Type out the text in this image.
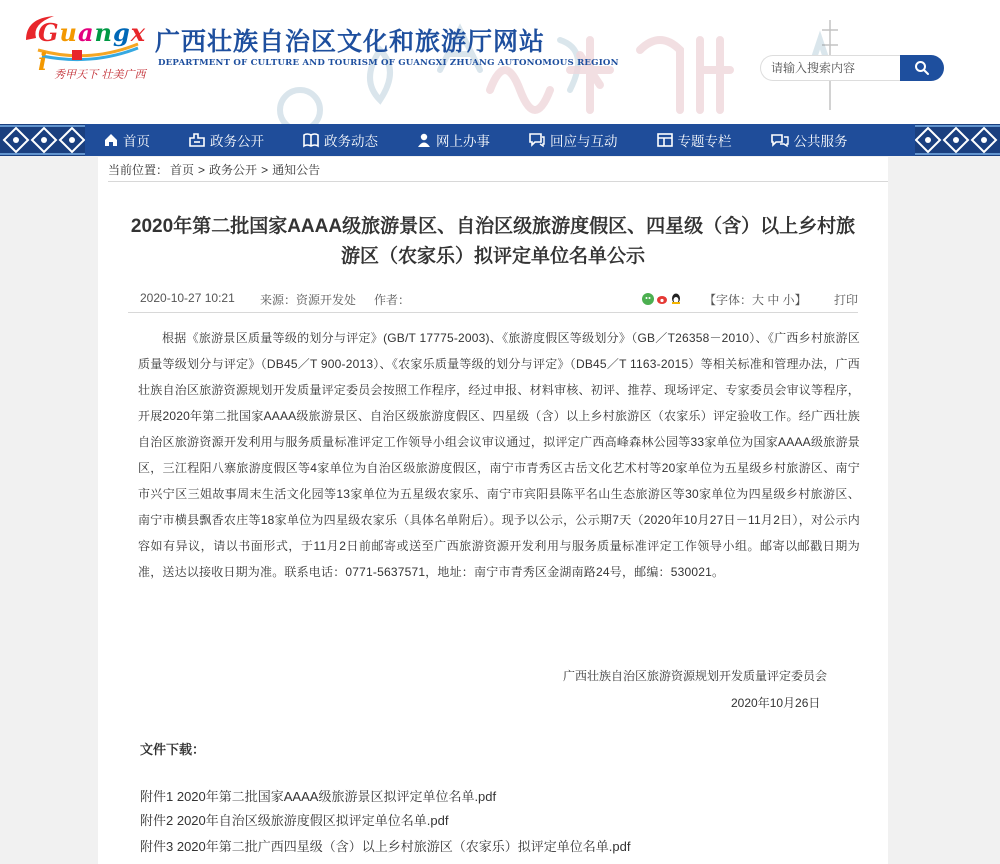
Guangxi 秀甲天下 壮美广西
广西壮族自治区文化和旅游厅网站
DEPARTMENT OF CULTURE AND TOURISM OF GUANGXI ZHUANG AUTONOMOUS REGION
请输入搜索内容
首页	政务公开	政务动态	网上办事	回应与互动	专题专栏	公共服务
当前位置： 首页 > 政务公开 > 通知公告
2020年第二批国家AAAA级旅游景区、自治区级旅游度假区、四星级（含）以上乡村旅游区（农家乐）拟评定单位名单公示
2020-10-27 10:21 来源：资源开发处 作者：	【字体：大 中 小】 打印
根据《旅游景区质量等级的划分与评定》(GB/T 17775-2003)、《旅游度假区等级划分》（GB／T26358－2010）、《广西乡村旅游区质量等级划分与评定》（DB45／T 900-2013）、《农家乐质量等级的划分与评定》（DB45／T 1163-2015）等相关标准和管理办法，广西壮族自治区旅游资源规划开发质量评定委员会按照工作程序，经过申报、材料审核、初评、推荐、现场评定、专家委员会审议等程序，开展2020年第二批国家AAAA级旅游景区、自治区级旅游度假区、四星级（含）以上乡村旅游区（农家乐）评定验收工作。经广西壮族自治区旅游资源开发利用与服务质量标准评定工作领导小组会议审议通过，拟评定广西高峰森林公园等33家单位为国家AAAA级旅游景区，三江程阳八寨旅游度假区等4家单位为自治区级旅游度假区，南宁市青秀区古岳文化艺术村等20家单位为五星级乡村旅游区、南宁市兴宁区三姐故事周末生活文化园等13家单位为五星级农家乐、南宁市宾阳县陈平名山生态旅游区等30家单位为四星级乡村旅游区、南宁市横县飘香农庄等18家单位为四星级农家乐（具体名单附后）。现予以公示，公示期7天（2020年10月27日－11月2日），对公示内容如有异议，请以书面形式，于11月2日前邮寄或送至广西旅游资源开发利用与服务质量标准评定工作领导小组。邮寄以邮戳日期为准，送达以接收日期为准。联系电话：0771-5637571，地址：南宁市青秀区金湖南路24号，邮编：530021。
广西壮族自治区旅游资源规划开发质量评定委员会
2020年10月26日
文件下载：
附件1 2020年第二批国家AAAA级旅游景区拟评定单位名单.pdf
附件2 2020年自治区级旅游度假区拟评定单位名单.pdf
附件3 2020年第二批广西四星级（含）以上乡村旅游区（农家乐）拟评定单位名单.pdf
